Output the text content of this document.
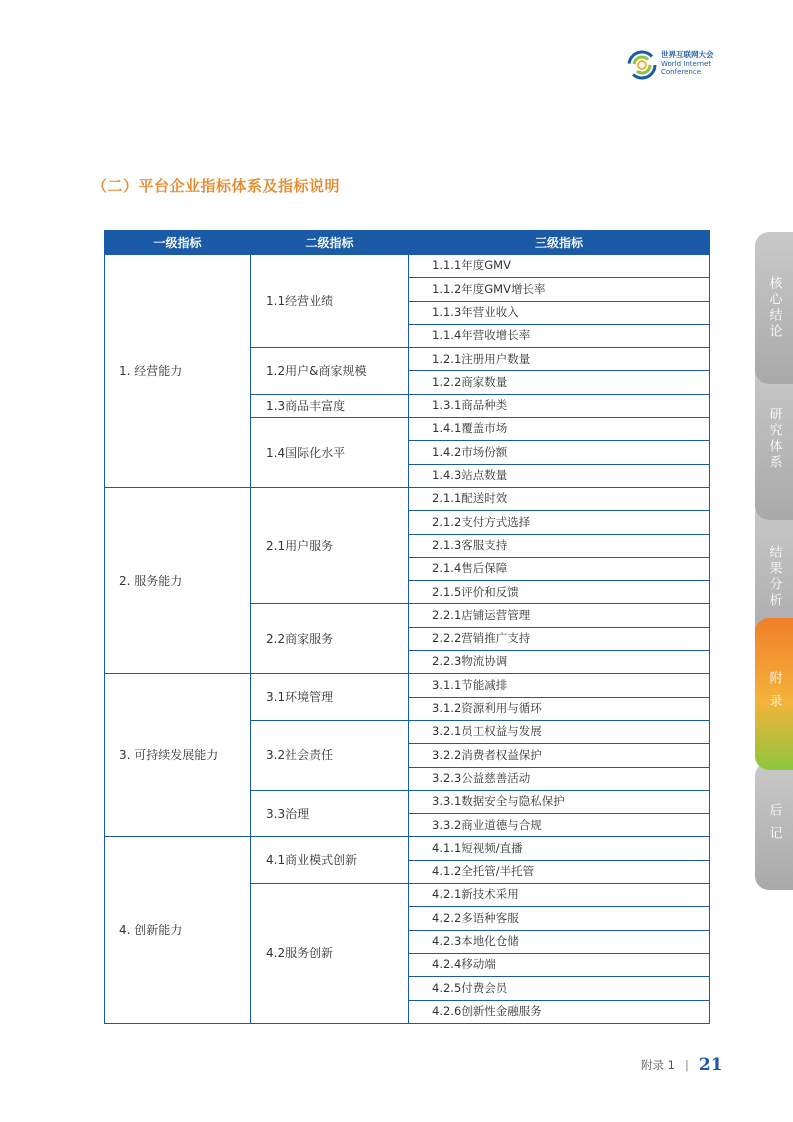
世界互联网大会
World Internet
Conference
（二）平台企业指标体系及指标说明
一级指标	二级指标	三级指标
1. 经营能力	1.1经营业绩	1.1.1年度GMV
		1.1.2年度GMV增长率
		1.1.3年营业收入
		1.1.4年营收增长率
	1.2用户&商家规模	1.2.1注册用户数量
		1.2.2商家数量
	1.3商品丰富度	1.3.1商品种类
	1.4国际化水平	1.4.1覆盖市场
		1.4.2市场份额
		1.4.3站点数量
2. 服务能力	2.1用户服务	2.1.1配送时效
		2.1.2支付方式选择
		2.1.3客服支持
		2.1.4售后保障
		2.1.5评价和反馈
	2.2商家服务	2.2.1店铺运营管理
		2.2.2营销推广支持
		2.2.3物流协调
3. 可持续发展能力	3.1环境管理	3.1.1节能减排
		3.1.2资源利用与循环
	3.2社会责任	3.2.1员工权益与发展
		3.2.2消费者权益保护
		3.2.3公益慈善活动
	3.3治理	3.3.1数据安全与隐私保护
		3.3.2商业道德与合规
4. 创新能力	4.1商业模式创新	4.1.1短视频/直播
		4.1.2全托管/半托管
	4.2服务创新	4.2.1新技术采用
		4.2.2多语种客服
		4.2.3本地化仓储
		4.2.4移动端
		4.2.5付费会员
		4.2.6创新性金融服务
核心结论
研究体系
结果分析
附录
后记
附录 1 | 21
